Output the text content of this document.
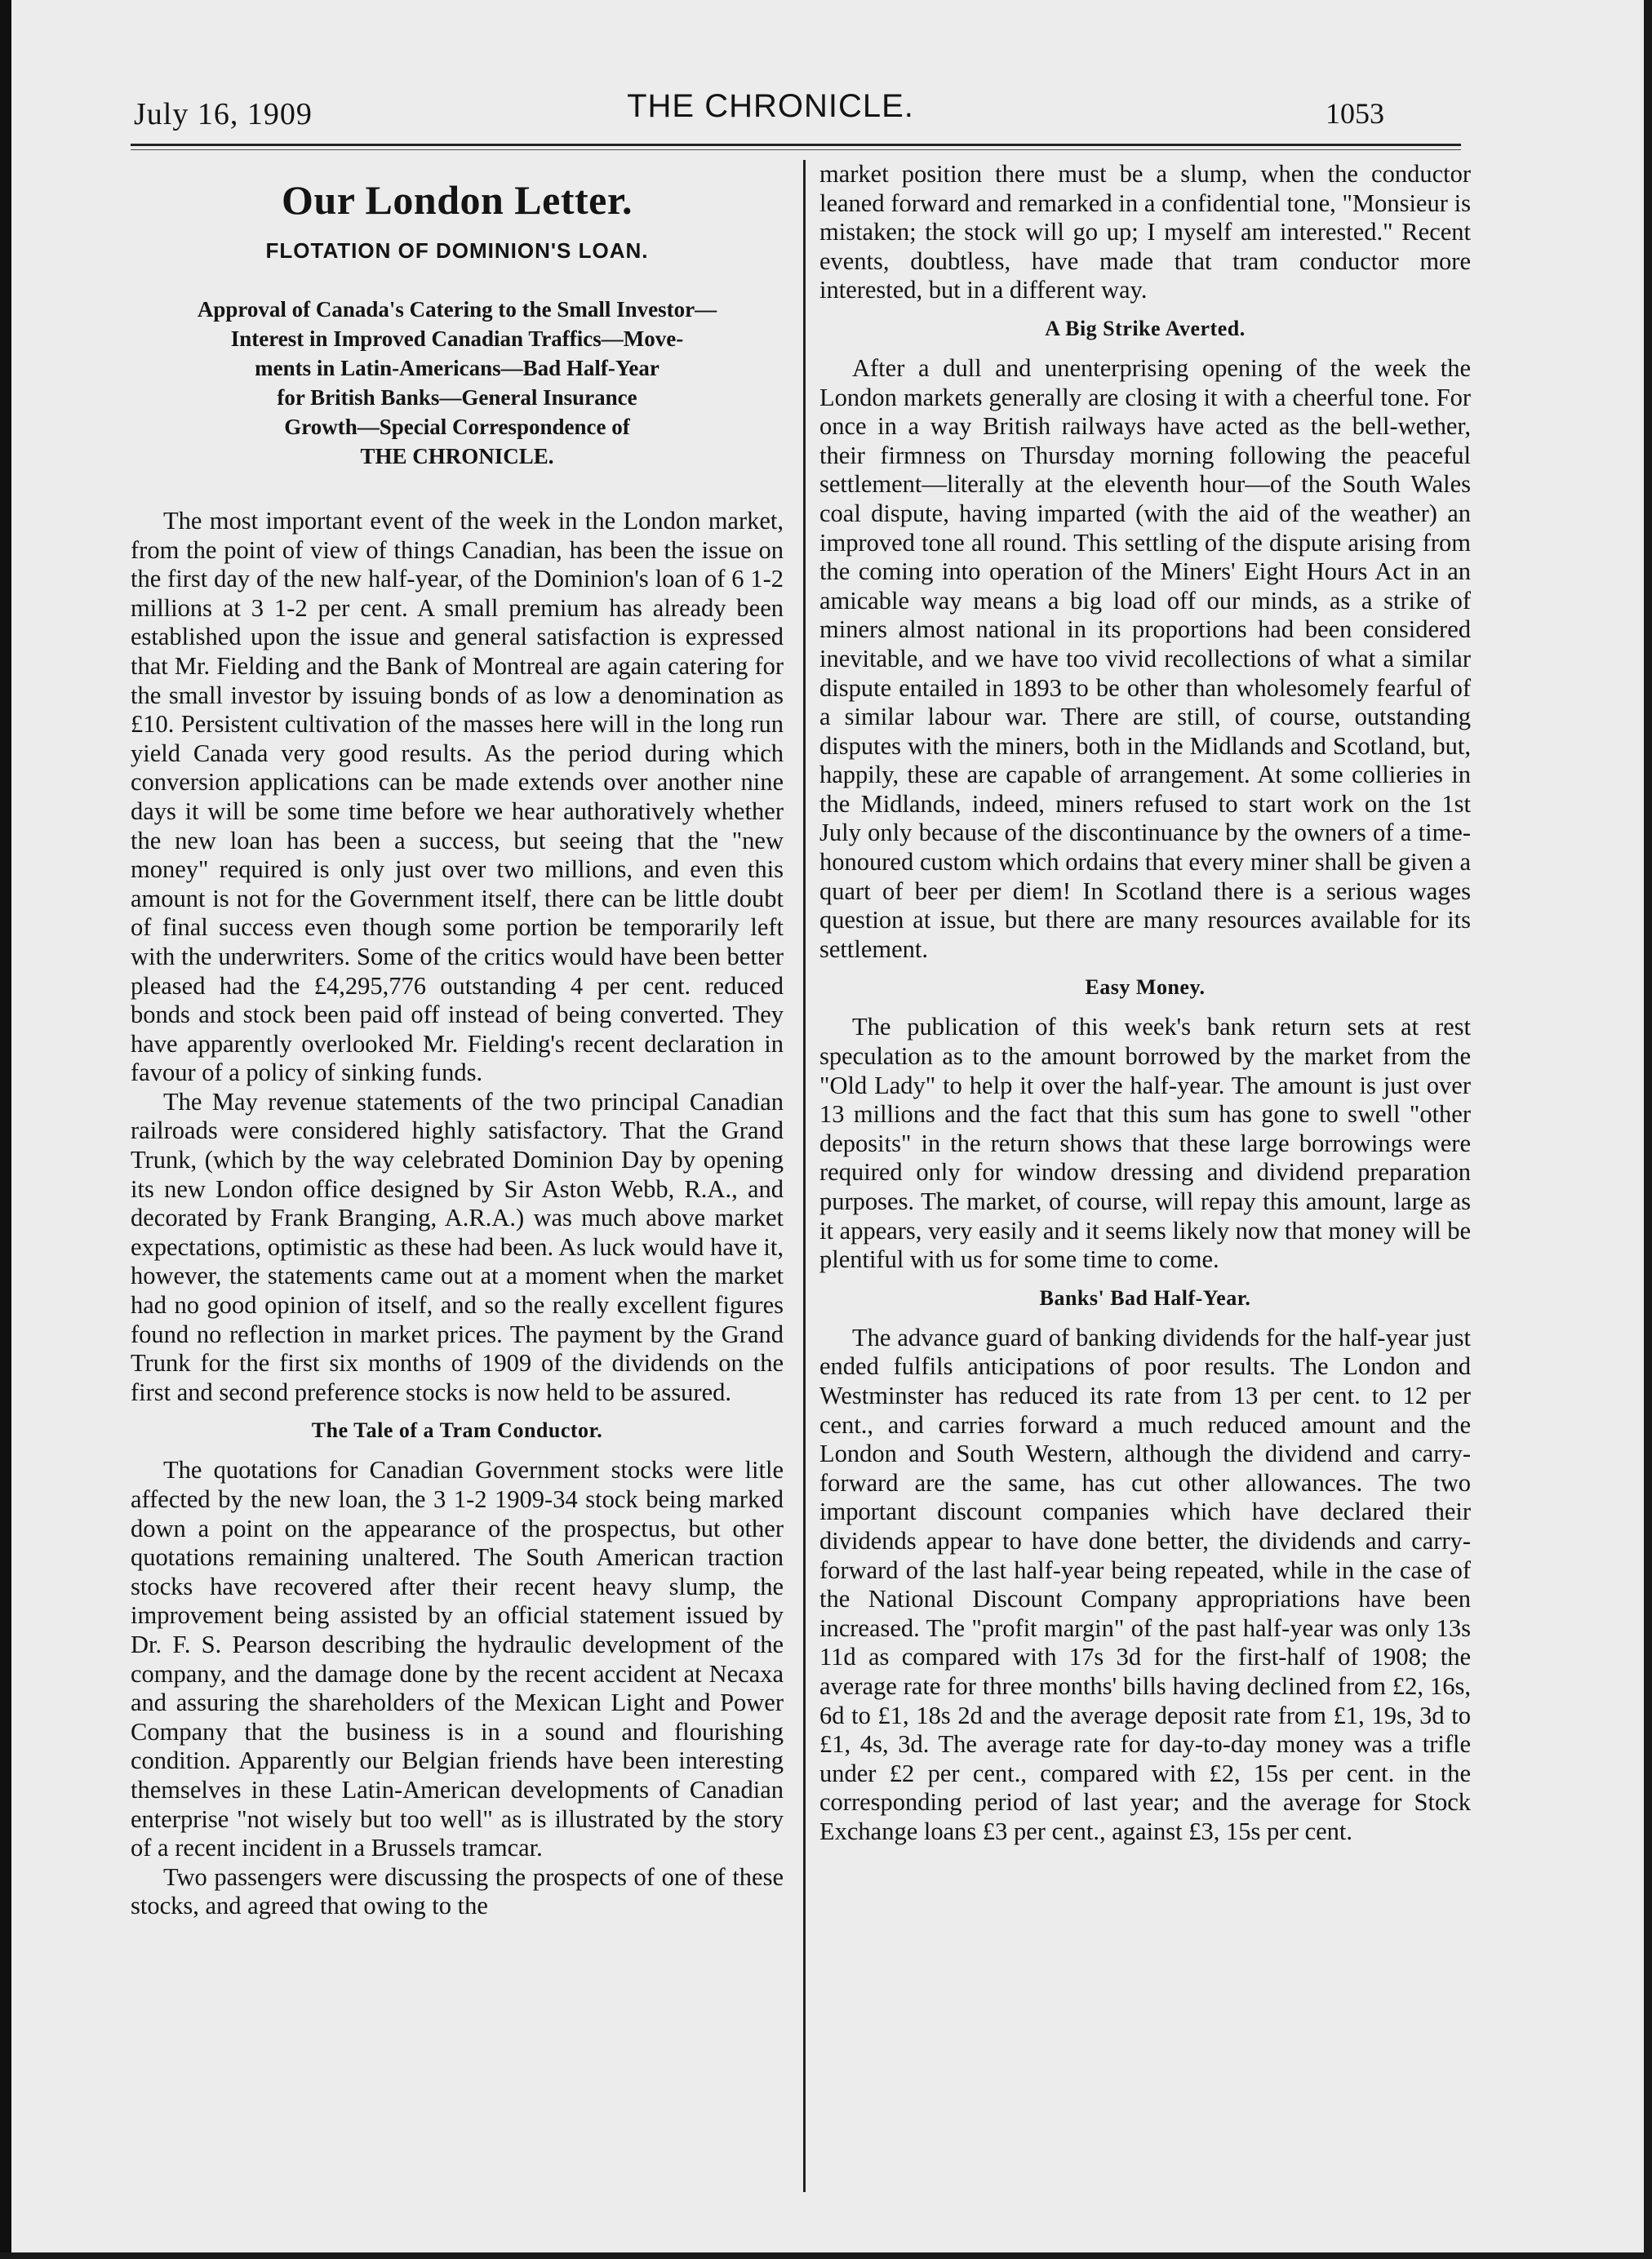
July 16, 1909	THE CHRONICLE.	1053
Our London Letter.
FLOTATION OF DOMINION'S LOAN.
Approval of Canada's Catering to the Small Investor—
Interest in Improved Canadian Traffics—Move-
ments in Latin-Americans—Bad Half-Year
for British Banks—General Insurance
Growth—Special Correspondence of
THE CHRONICLE.

The most important event of the week in the London market, from the point of view of things Canadian, has been the issue on the first day of the new half-year, of the Dominion's loan of 6 1-2 millions at 3 1-2 per cent. A small premium has already been established upon the issue and general satisfaction is expressed that Mr. Fielding and the Bank of Montreal are again catering for the small investor by issuing bonds of as low a denomination as £10. Persistent cultivation of the masses here will in the long run yield Canada very good results. As the period during which conversion applications can be made extends over another nine days it will be some time before we hear authoratively whether the new loan has been a success, but seeing that the "new money" required is only just over two millions, and even this amount is not for the Government itself, there can be little doubt of final success even though some portion be temporarily left with the underwriters. Some of the critics would have been better pleased had the £4,295,776 outstanding 4 per cent. reduced bonds and stock been paid off instead of being converted. They have apparently overlooked Mr. Fielding's recent declaration in favour of a policy of sinking funds.

The May revenue statements of the two principal Canadian railroads were considered highly satisfactory. That the Grand Trunk, (which by the way celebrated Dominion Day by opening its new London office designed by Sir Aston Webb, R.A., and decorated by Frank Branging, A.R.A.) was much above market expectations, optimistic as these had been. As luck would have it, however, the statements came out at a moment when the market had no good opinion of itself, and so the really excellent figures found no reflection in market prices. The payment by the Grand Trunk for the first six months of 1909 of the dividends on the first and second preference stocks is now held to be assured.

The Tale of a Tram Conductor.

The quotations for Canadian Government stocks were litle affected by the new loan, the 3 1-2 1909-34 stock being marked down a point on the appearance of the prospectus, but other quotations remaining unaltered. The South American traction stocks have recovered after their recent heavy slump, the improvement being assisted by an official statement issued by Dr. F. S. Pearson describing the hydraulic development of the company, and the damage done by the recent accident at Necaxa and assuring the shareholders of the Mexican Light and Power Company that the business is in a sound and flourishing condition. Apparently our Belgian friends have been interesting themselves in these Latin-American developments of Canadian enterprise "not wisely but too well" as is illustrated by the story of a recent incident in a Brussels tramcar.

Two passengers were discussing the prospects of one of these stocks, and agreed that owing to the

market position there must be a slump, when the conductor leaned forward and remarked in a confidential tone, "Monsieur is mistaken; the stock will go up; I myself am interested." Recent events, doubtless, have made that tram conductor more interested, but in a different way.

A Big Strike Averted.

After a dull and unenterprising opening of the week the London markets generally are closing it with a cheerful tone. For once in a way British railways have acted as the bell-wether, their firmness on Thursday morning following the peaceful settlement—literally at the eleventh hour—of the South Wales coal dispute, having imparted (with the aid of the weather) an improved tone all round. This settling of the dispute arising from the coming into operation of the Miners' Eight Hours Act in an amicable way means a big load off our minds, as a strike of miners almost national in its proportions had been considered inevitable, and we have too vivid recollections of what a similar dispute entailed in 1893 to be other than wholesomely fearful of a similar labour war. There are still, of course, outstanding disputes with the miners, both in the Midlands and Scotland, but, happily, these are capable of arrangement. At some collieries in the Midlands, indeed, miners refused to start work on the 1st July only because of the discontinuance by the owners of a time-honoured custom which ordains that every miner shall be given a quart of beer per diem! In Scotland there is a serious wages question at issue, but there are many resources available for its settlement.

Easy Money.

The publication of this week's bank return sets at rest speculation as to the amount borrowed by the market from the "Old Lady" to help it over the half-year. The amount is just over 13 millions and the fact that this sum has gone to swell "other deposits" in the return shows that these large borrowings were required only for window dressing and dividend preparation purposes. The market, of course, will repay this amount, large as it appears, very easily and it seems likely now that money will be plentiful with us for some time to come.

Banks' Bad Half-Year.

The advance guard of banking dividends for the half-year just ended fulfils anticipations of poor results. The London and Westminster has reduced its rate from 13 per cent. to 12 per cent., and carries forward a much reduced amount and the London and South Western, although the dividend and carry-forward are the same, has cut other allowances. The two important discount companies which have declared their dividends appear to have done better, the dividends and carry-forward of the last half-year being repeated, while in the case of the National Discount Company appropriations have been increased. The "profit margin" of the past half-year was only 13s 11d as compared with 17s 3d for the first-half of 1908; the average rate for three months' bills having declined from £2, 16s, 6d to £1, 18s 2d and the average deposit rate from £1, 19s, 3d to £1, 4s, 3d. The average rate for day-to-day money was a trifle under £2 per cent., compared with £2, 15s per cent. in the corresponding period of last year; and the average for Stock Exchange loans £3 per cent., against £3, 15s per cent.
